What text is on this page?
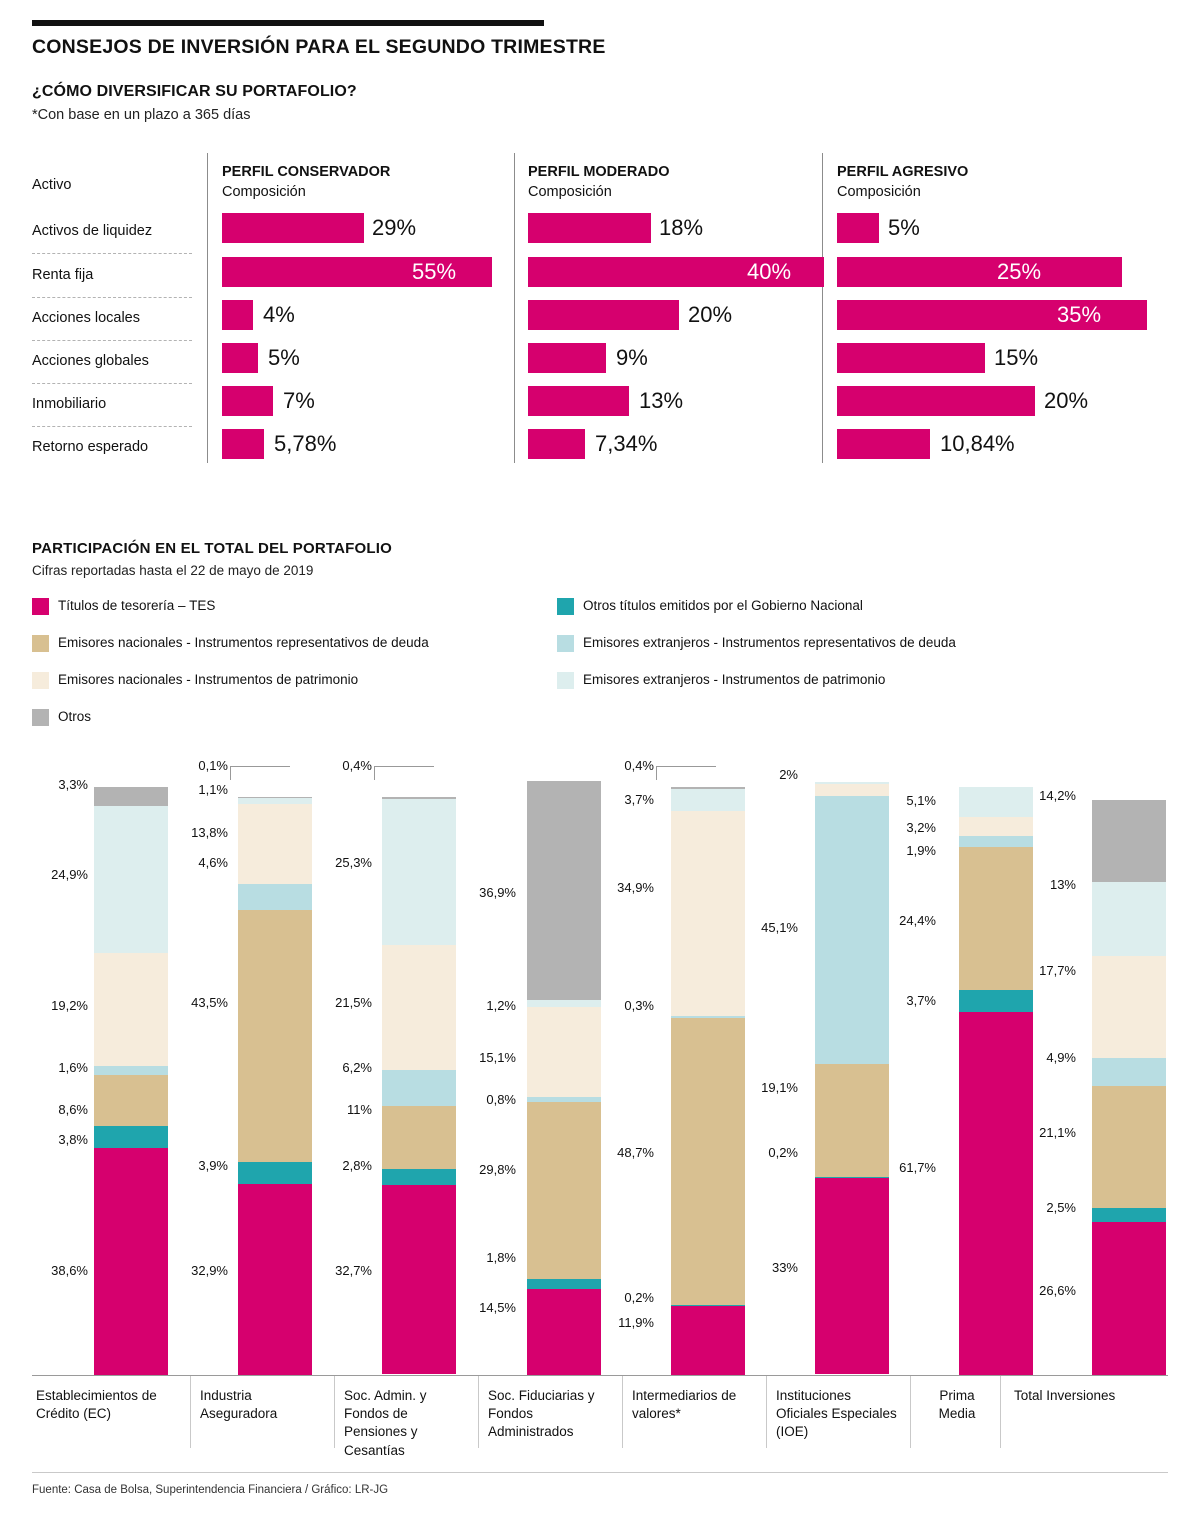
CONSEJOS DE INVERSIÓN PARA EL SEGUNDO TRIMESTRE
¿CÓMO DIVERSIFICAR SU PORTAFOLIO?
*Con base en un plazo a 365 días
Activo
PERFIL CONSERVADOR
Composición
PERFIL MODERADO
Composición
PERFIL AGRESIVO
Composición
Activos de liquidez	29%	18%	5%
Renta fija	55%	40%	25%
Acciones locales	4%	20%	35%
Acciones globales	5%	9%	15%
Inmobiliario	7%	13%	20%
Retorno esperado	5,78%	7,34%	10,84%
PARTICIPACIÓN EN EL TOTAL DEL PORTAFOLIO
Cifras reportadas hasta el 22 de mayo de 2019
Títulos de tesorería – TES	Otros títulos emitidos por el Gobierno Nacional
Emisores nacionales - Instrumentos representativos de deuda	Emisores extranjeros - Instrumentos representativos de deuda
Emisores nacionales - Instrumentos de patrimonio	Emisores extranjeros - Instrumentos de patrimonio
Otros
3,3%
24,9%
19,2%
1,6%
8,6%
3,8%
38,6%
0,1%
1,1%
13,8%
4,6%
43,5%
3,9%
32,9%
0,4%
25,3%
21,5%
6,2%
11%
2,8%
32,7%
36,9%
1,2%
15,1%
0,8%
29,8%
1,8%
14,5%
0,4%
3,7%
34,9%
0,3%
48,7%
0,2%
11,9%
2%
45,1%
19,1%
0,2%
33%
5,1%
3,2%
1,9%
24,4%
3,7%
61,7%
14,2%
13%
17,7%
4,9%
21,1%
2,5%
26,6%
Establecimientos de Crédito (EC)
Industria Aseguradora
Soc. Admin. y Fondos de Pensiones y Cesantías
Soc. Fiduciarias y Fondos Administrados
Intermediarios de valores*
Instituciones Oficiales Especiales (IOE)
Prima Media
Total Inversiones
Fuente: Casa de Bolsa, Superintendencia Financiera / Gráfico: LR-JG
